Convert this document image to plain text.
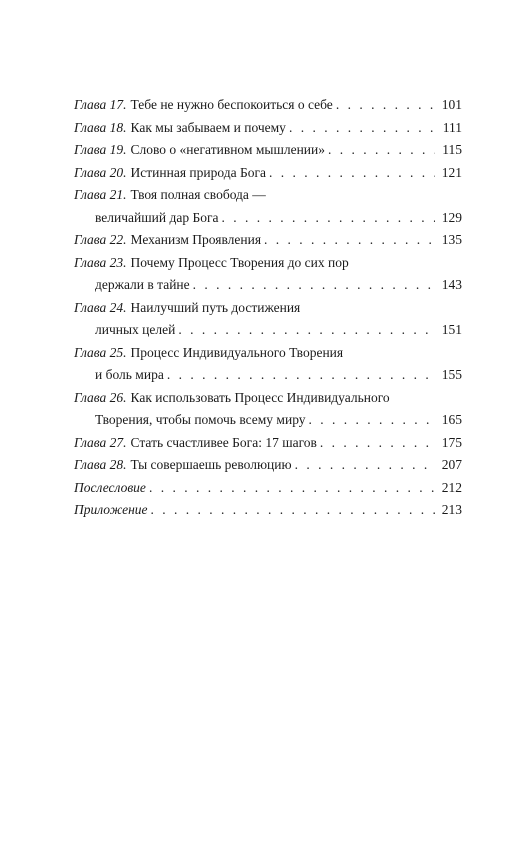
Глава 17. Тебе не нужно беспокоиться о себе . . .	101
Глава 18. Как мы забываем и почему . . .	111
Глава 19. Слово о «негативном мышлении» . . .	115
Глава 20. Истинная природа Бога . . .	121
Глава 21. Твоя полная свобода —
величайший дар Бога . . .	129
Глава 22. Механизм Проявления . . .	135
Глава 23. Почему Процесс Творения до сих пор
держали в тайне . . .	143
Глава 24. Наилучший путь достижения
личных целей . . .	151
Глава 25. Процесс Индивидуального Творения
и боль мира . . .	155
Глава 26. Как использовать Процесс Индивидуального
Творения, чтобы помочь всему миру . . .	165
Глава 27. Стать счастливее Бога: 17 шагов . . .	175
Глава 28. Ты совершаешь революцию . . .	207
Послесловие . . .	212
Приложение . . .	213
